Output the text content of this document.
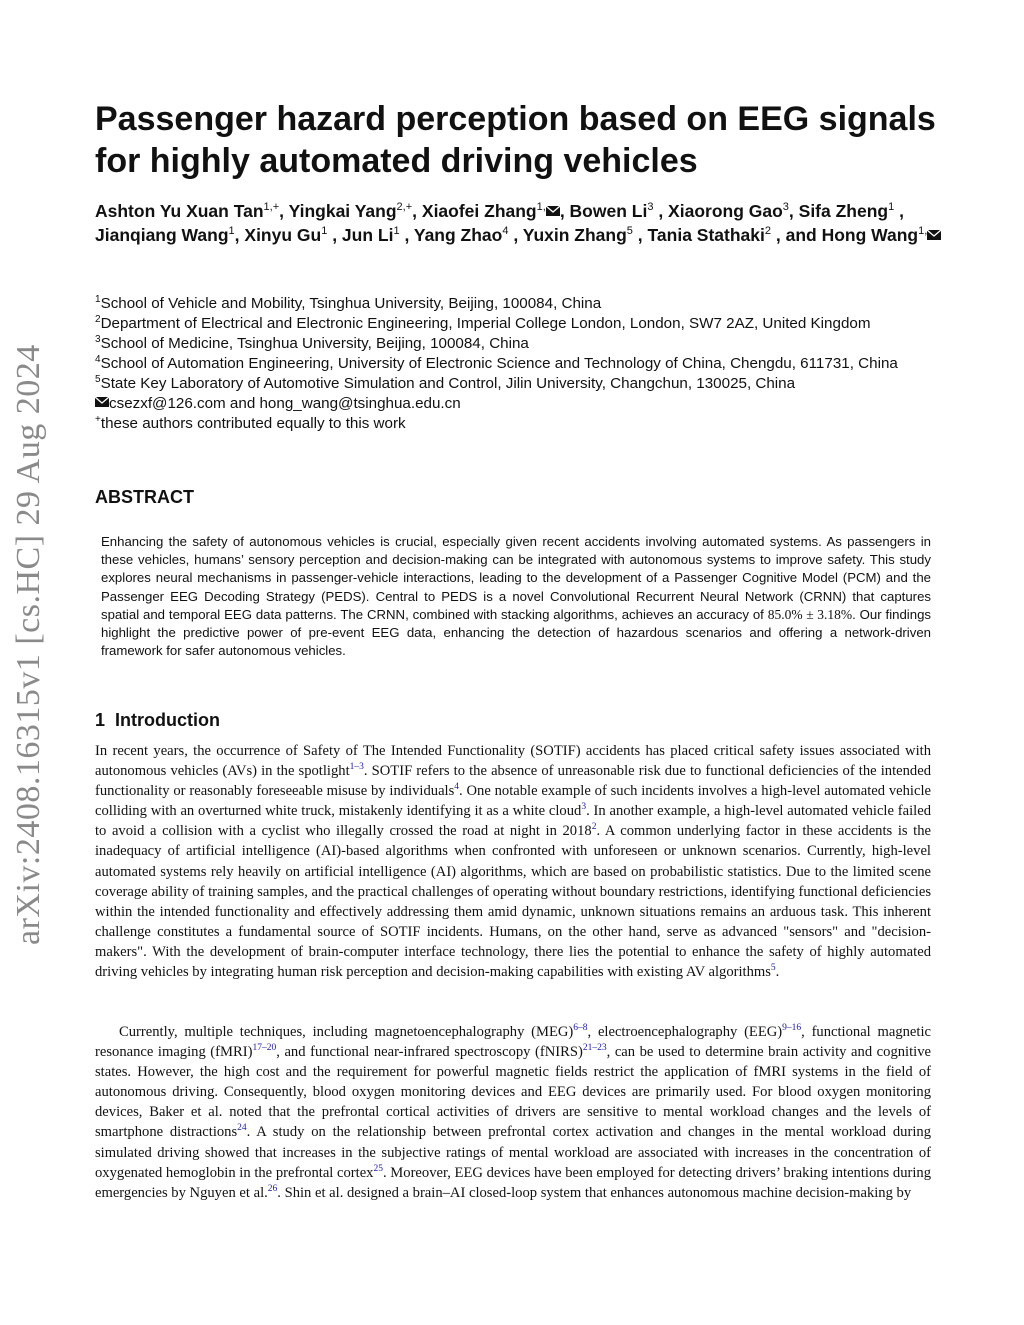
arXiv:2408.16315v1 [cs.HC] 29 Aug 2024
Passenger hazard perception based on EEG signals for highly automated driving vehicles
Ashton Yu Xuan Tan$^{1,+}$, Yingkai Yang$^{2,+}$, Xiaofei Zhang$^{1,}$ , Bowen Li$^3$ , Xiaorong Gao$^3$, Sifa Zheng$^1$ , Jianqiang Wang$^1$, Xinyu Gu$^1$ , Jun Li$^1$ , Yang Zhao$^4$ , Yuxin Zhang$^5$ , Tania Stathaki$^2$ , and Hong Wang$^{1,}$
$^1$School of Vehicle and Mobility, Tsinghua University, Beijing, 100084, China
$^2$Department of Electrical and Electronic Engineering, Imperial College London, London, SW7 2AZ, United Kingdom
$^3$School of Medicine, Tsinghua University, Beijing, 100084, China
$^4$School of Automation Engineering, University of Electronic Science and Technology of China, Chengdu, 611731, China
$^5$State Key Laboratory of Automotive Simulation and Control, Jilin University, Changchun, 130025, China
csezxf@126.com and hong_wang@tsinghua.edu.cn
+these authors contributed equally to this work
ABSTRACT

Enhancing the safety of autonomous vehicles is crucial, especially given recent accidents involving automated systems. As passengers in these vehicles, humans’ sensory perception and decision-making can be integrated with autonomous systems to improve safety. This study explores neural mechanisms in passenger-vehicle interactions, leading to the development of a Passenger Cognitive Model (PCM) and the Passenger EEG Decoding Strategy (PEDS). Central to PEDS is a novel Convolutional Recurrent Neural Network (CRNN) that captures spatial and temporal EEG data patterns. The CRNN, combined with stacking algorithms, achieves an accuracy of 85.0% ± 3.18%. Our findings highlight the predictive power of pre-event EEG data, enhancing the detection of hazardous scenarios and offering a network-driven framework for safer autonomous vehicles.

1 Introduction

In recent years, the occurrence of Safety of The Intended Functionality (SOTIF) accidents has placed critical safety issues associated with autonomous vehicles (AVs) in the spotlight$^{1-3}$. SOTIF refers to the absence of unreasonable risk due to functional deficiencies of the intended functionality or reasonably foreseeable misuse by individuals$^4$. One notable example of such incidents involves a high-level automated vehicle colliding with an overturned white truck, mistakenly identifying it as a white cloud$^3$. In another example, a high-level automated vehicle failed to avoid a collision with a cyclist who illegally crossed the road at night in 2018$^2$. A common underlying factor in these accidents is the inadequacy of artificial intelligence (AI)-based algorithms when confronted with unforeseen or unknown scenarios. Currently, high-level automated systems rely heavily on artificial intelligence (AI) algorithms, which are based on probabilistic statistics. Due to the limited scene coverage ability of training samples, and the practical challenges of operating without boundary restrictions, identifying functional deficiencies within the intended functionality and effectively addressing them amid dynamic, unknown situations remains an arduous task. This inherent challenge constitutes a fundamental source of SOTIF incidents. Humans, on the other hand, serve as advanced "sensors" and "decision-makers". With the development of brain-computer interface technology, there lies the potential to enhance the safety of highly automated driving vehicles by integrating human risk perception and decision-making capabilities with existing AV algorithms$^5$.

Currently, multiple techniques, including magnetoencephalography (MEG)$^{6-8}$, electroencephalography (EEG)$^{9-16}$, functional magnetic resonance imaging (fMRI)$^{17-20}$, and functional near-infrared spectroscopy (fNIRS)$^{21-23}$, can be used to determine brain activity and cognitive states. However, the high cost and the requirement for powerful magnetic fields restrict the application of fMRI systems in the field of autonomous driving. Consequently, blood oxygen monitoring devices and EEG devices are primarily used. For blood oxygen monitoring devices, Baker et al. noted that the prefrontal cortical activities of drivers are sensitive to mental workload changes and the levels of smartphone distractions$^{24}$. A study on the relationship between prefrontal cortex activation and changes in the mental workload during simulated driving showed that increases in the subjective ratings of mental workload are associated with increases in the concentration of oxygenated hemoglobin in the prefrontal cortex$^{25}$. Moreover, EEG devices have been employed for detecting drivers’ braking intentions during emergencies by Nguyen et al.$^{26}$. Shin et al. designed a brain–AI closed-loop system that enhances autonomous machine decision-making by
